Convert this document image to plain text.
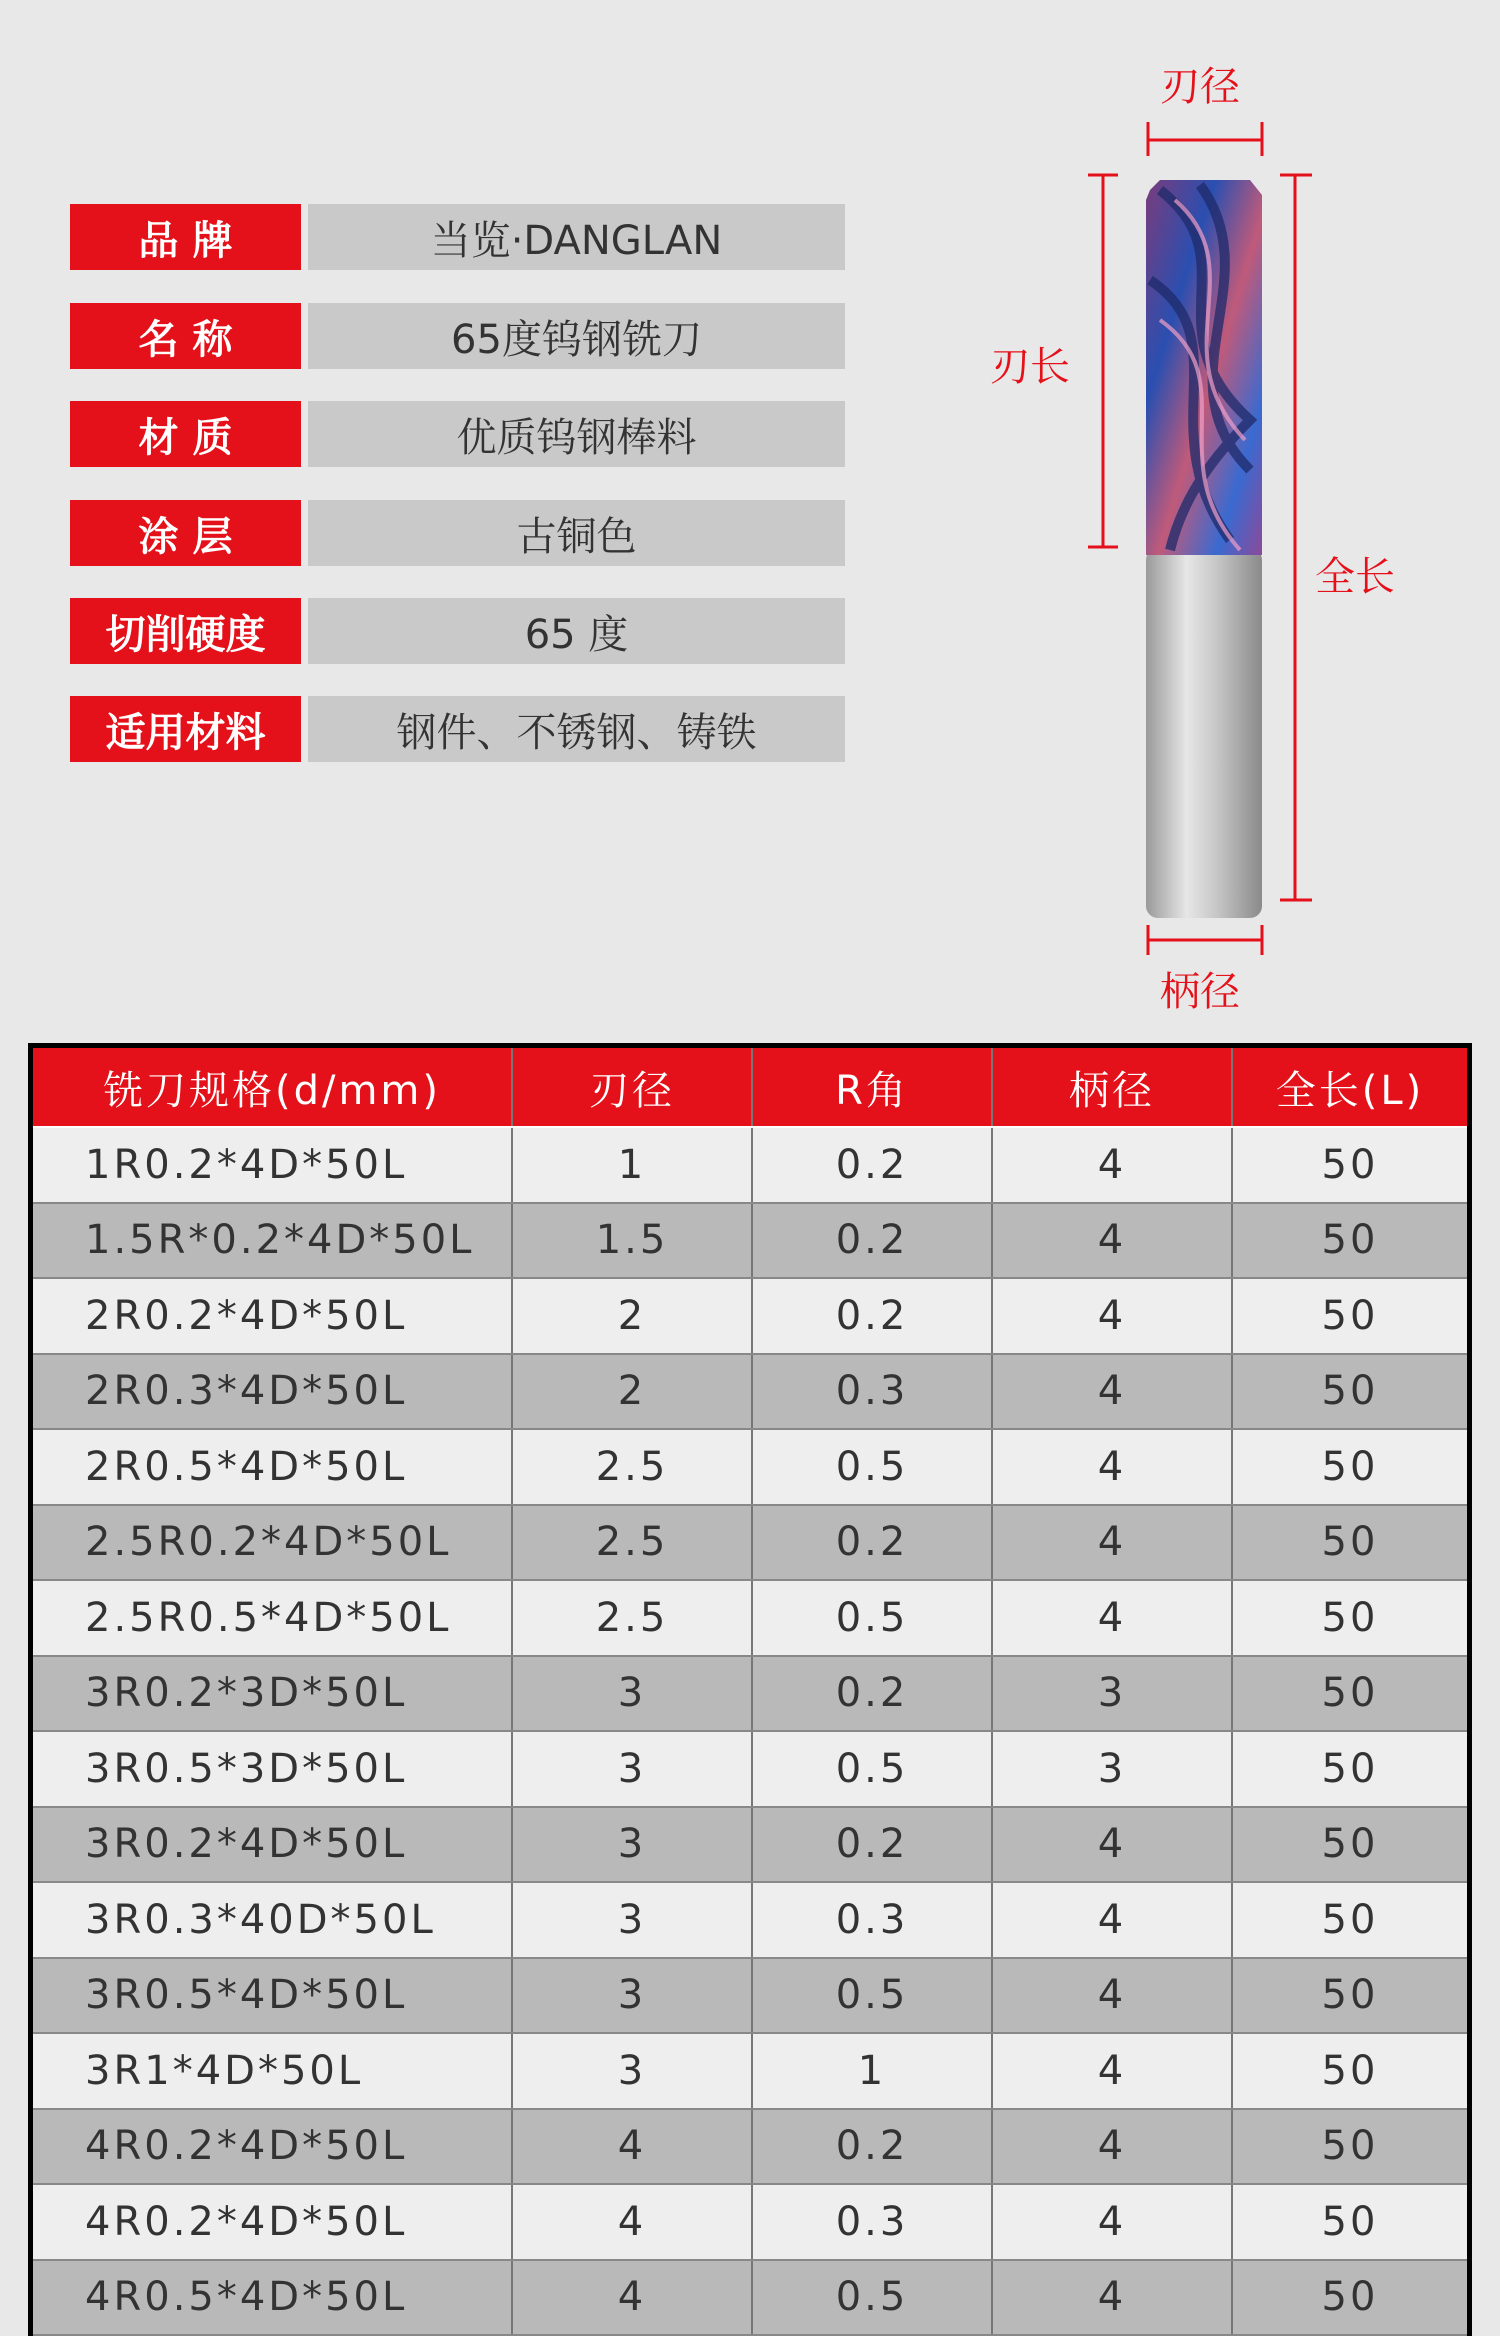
品 牌	当览·DANGLAN
名 称	65度钨钢铣刀
材 质	优质钨钢棒料
涂 层	古铜色
切削硬度	65 度
适用材料	钢件、不锈钢、铸铁
刃径
刃长
全长
柄径
铣刀规格(d/mm)	刃径	R角	柄径	全长(L)
1R0.2*4D*50L	1	0.2	4	50
1.5R*0.2*4D*50L	1.5	0.2	4	50
2R0.2*4D*50L	2	0.2	4	50
2R0.3*4D*50L	2	0.3	4	50
2R0.5*4D*50L	2.5	0.5	4	50
2.5R0.2*4D*50L	2.5	0.2	4	50
2.5R0.5*4D*50L	2.5	0.5	4	50
3R0.2*3D*50L	3	0.2	3	50
3R0.5*3D*50L	3	0.5	3	50
3R0.2*4D*50L	3	0.2	4	50
3R0.3*40D*50L	3	0.3	4	50
3R0.5*4D*50L	3	0.5	4	50
3R1*4D*50L	3	1	4	50
4R0.2*4D*50L	4	0.2	4	50
4R0.2*4D*50L	4	0.3	4	50
4R0.5*4D*50L	4	0.5	4	50
